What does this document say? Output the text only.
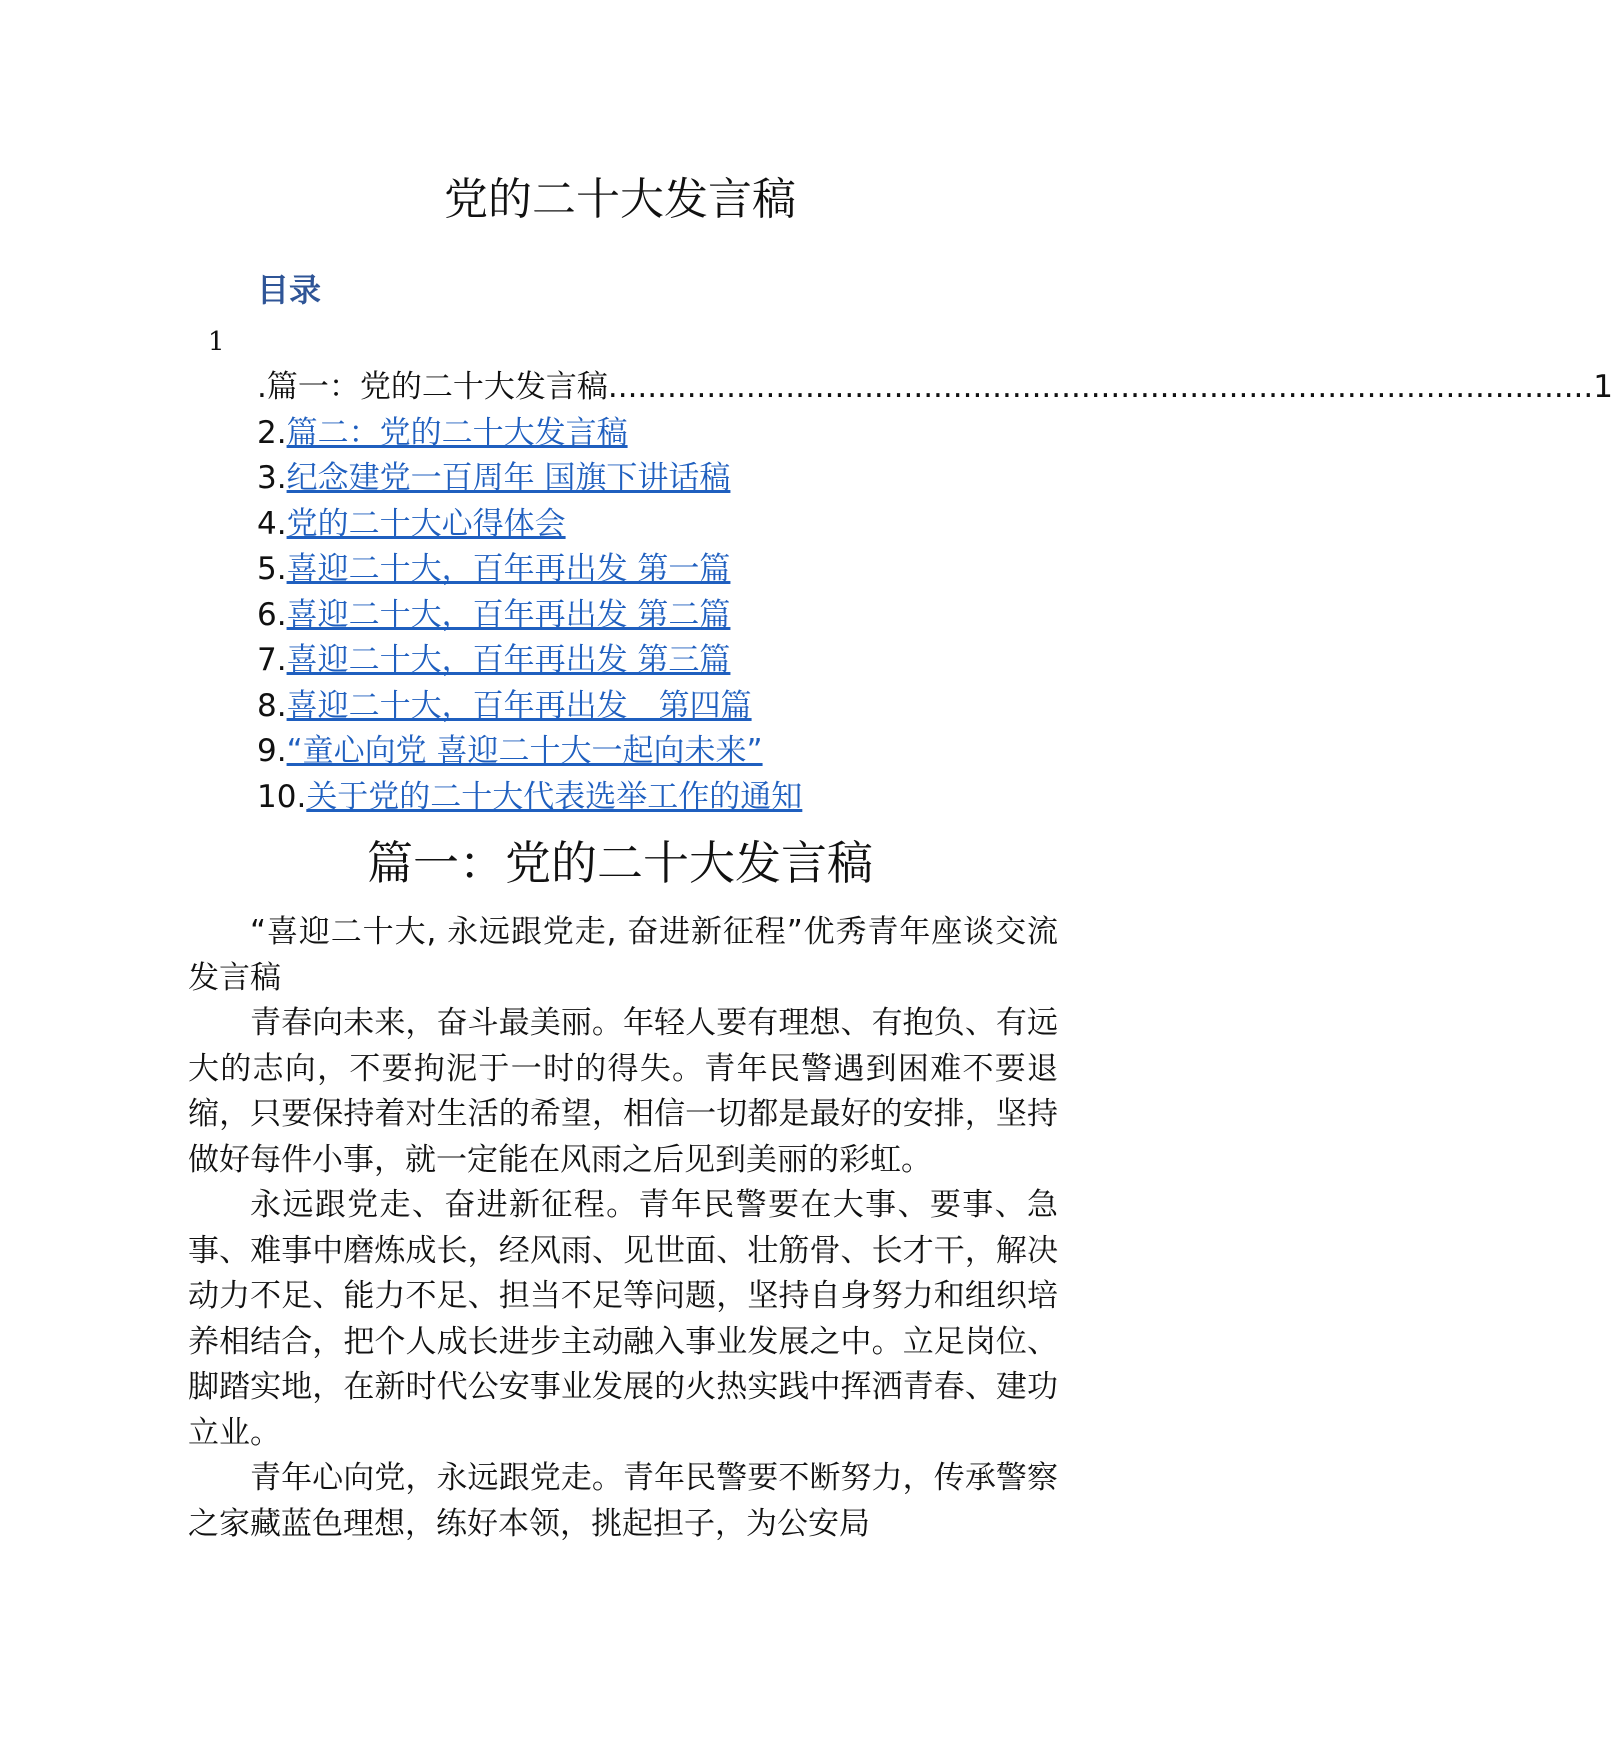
党的二十大发言稿
目录
1
.篇一：党的二十大发言稿 .................................................................................................... 1
2.篇二：党的二十大发言稿
3.纪念建党一百周年 国旗下讲话稿
4.党的二十大心得体会
5.喜迎二十大，百年再出发 第一篇
6.喜迎二十大，百年再出发 第二篇
7.喜迎二十大，百年再出发 第三篇
8.喜迎二十大，百年再出发　第四篇
9.“童心向党 喜迎二十大一起向未来”
10.关于党的二十大代表选举工作的通知
篇一：党的二十大发言稿

“喜迎二十大, 永远跟党走, 奋进新征程”优秀青年座谈交流发言稿

青春向未来，奋斗最美丽。年轻人要有理想、有抱负、有远大的志向，不要拘泥于一时的得失。青年民警遇到困难不要退缩，只要保持着对生活的希望，相信一切都是最好的安排，坚持做好每件小事，就一定能在风雨之后见到美丽的彩虹。

永远跟党走、奋进新征程。青年民警要在大事、要事、急事、难事中磨炼成长，经风雨、见世面、壮筋骨、长才干，解决动力不足、能力不足、担当不足等问题，坚持自身努力和组织培养相结合，把个人成长进步主动融入事业发展之中。立足岗位、脚踏实地，在新时代公安事业发展的火热实践中挥洒青春、建功立业。

青年心向党，永远跟党走。青年民警要不断努力，传承警察之家藏蓝色理想，练好本领，挑起担子，为公安局
